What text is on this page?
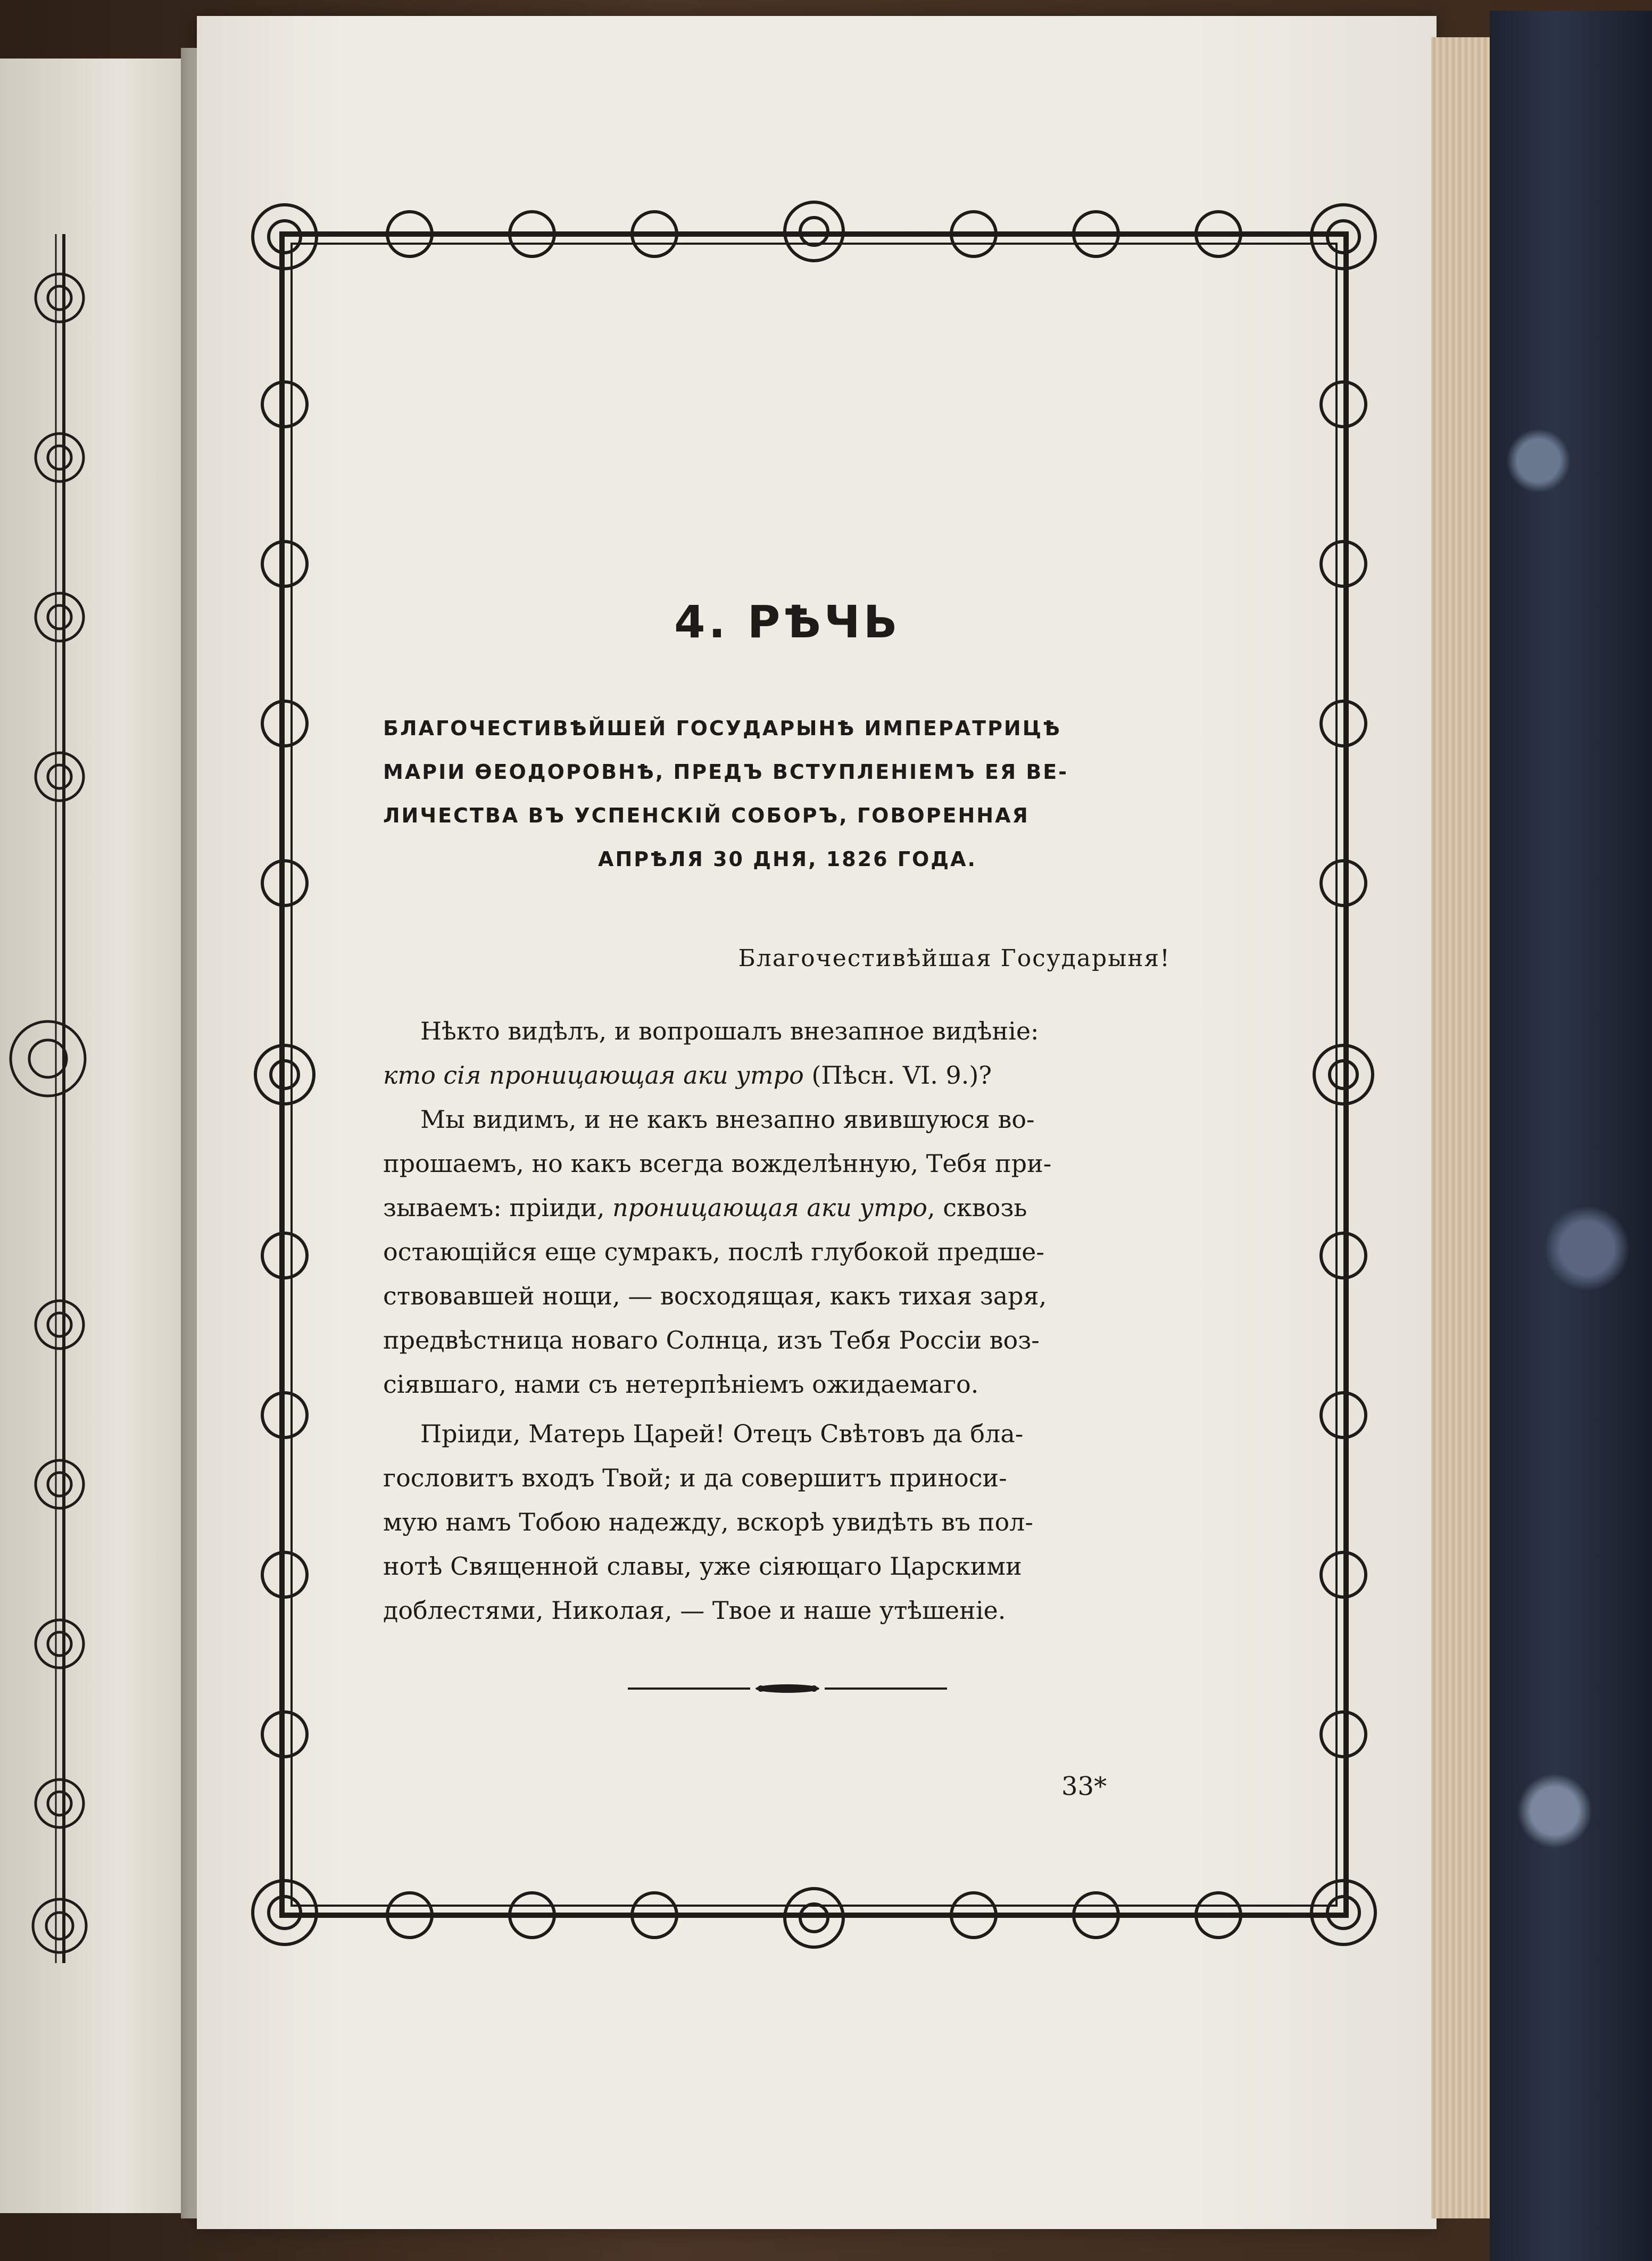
4. РѢЧЬ
БЛАГОЧЕСТИВѢЙШЕЙ ГОСУДАРЫНѢ ИМПЕРАТРИЦѢ
МАРІИ ѲЕОДОРОВНѢ, ПРЕДЪ ВСТУПЛЕНІЕМЪ ЕЯ ВЕ-
ЛИЧЕСТВА ВЪ УСПЕНСКІЙ СОБОРЪ, ГОВОРЕННАЯ
АПРѢЛЯ 30 ДНЯ, 1826 ГОДА.
Благочестивѣйшая Государыня!

Нѣкто видѣлъ, и вопрошалъ внезапное видѣніе:
кто сія проницающая аки утро (Пѣсн. VI. 9.)?
Мы видимъ, и не какъ внезапно явившуюся во-
прошаемъ, но какъ всегда вожделѣнную, Тебя при-
зываемъ: пріиди, проницающая аки утро, сквозь
остающійся еще сумракъ, послѣ глубокой предше-
ствовавшей нощи, — восходящая, какъ тихая заря,
предвѣстница новаго Солнца, изъ Тебя Россіи воз-
сіявшаго, нами съ нетерпѣніемъ ожидаемаго.

Пріиди, Матерь Царей! Отецъ Свѣтовъ да бла-
гословитъ входъ Твой; и да совершитъ приноси-
мую намъ Тобою надежду, вскорѣ увидѣть въ пол-
нотѣ Священной славы, уже сіяющаго Царскими
доблестями, Николая, — Твое и наше утѣшеніе.

33*
